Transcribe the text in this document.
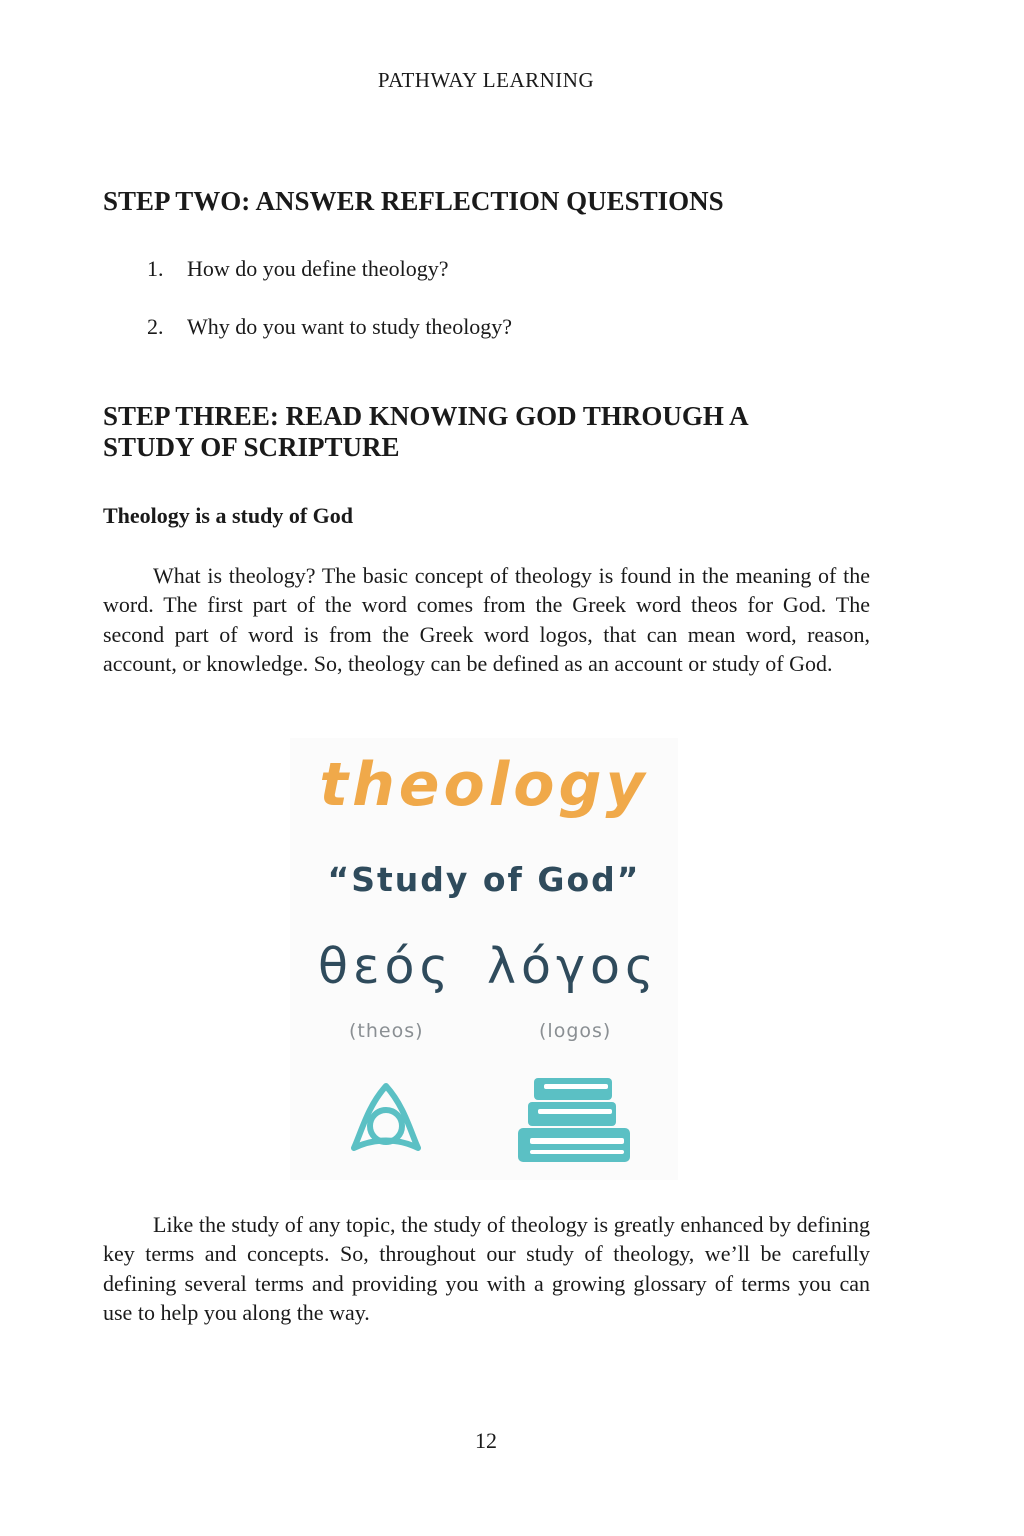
PATHWAY LEARNING
STEP TWO: ANSWER REFLECTION QUESTIONS
1. How do you define theology?
2. Why do you want to study theology?
STEP THREE: READ KNOWING GOD THROUGH A STUDY OF SCRIPTURE
Theology is a study of God

What is theology? The basic concept of theology is found in the meaning of the word. The first part of the word comes from the Greek word theos for God. The second part of word is from the Greek word logos, that can mean word, reason, account, or knowledge. So, theology can be defined as an account or study of God.

theology
“Study of God”
θεός λόγος
(theos)	(logos)

Like the study of any topic, the study of theology is greatly enhanced by defining key terms and concepts. So, throughout our study of theology, we’ll be carefully defining several terms and providing you with a growing glossary of terms you can use to help you along the way.

12
